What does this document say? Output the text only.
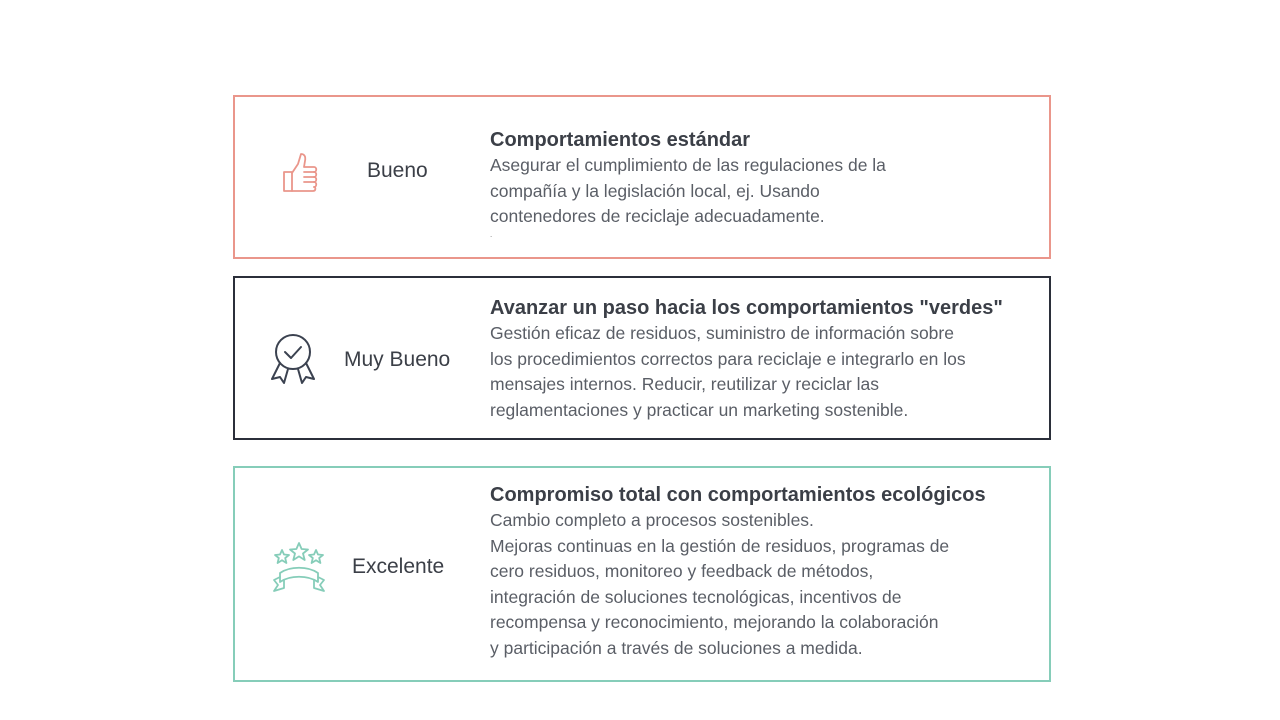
Bueno
Comportamientos estándar
Asegurar el cumplimiento de las regulaciones de la
compañía y la legislación local, ej. Usando
contenedores de reciclaje adecuadamente.
.
Muy Bueno
Avanzar un paso hacia los comportamientos "verdes"
Gestión eficaz de residuos, suministro de información sobre
los procedimientos correctos para reciclaje e integrarlo en los
mensajes internos. Reducir, reutilizar y reciclar las
reglamentaciones y practicar un marketing sostenible.
Excelente
Compromiso total con comportamientos ecológicos
Cambio completo a procesos sostenibles.
Mejoras continuas en la gestión de residuos, programas de
cero residuos, monitoreo y feedback de métodos,
integración de soluciones tecnológicas, incentivos de
recompensa y reconocimiento, mejorando la colaboración
y participación a través de soluciones a medida.
